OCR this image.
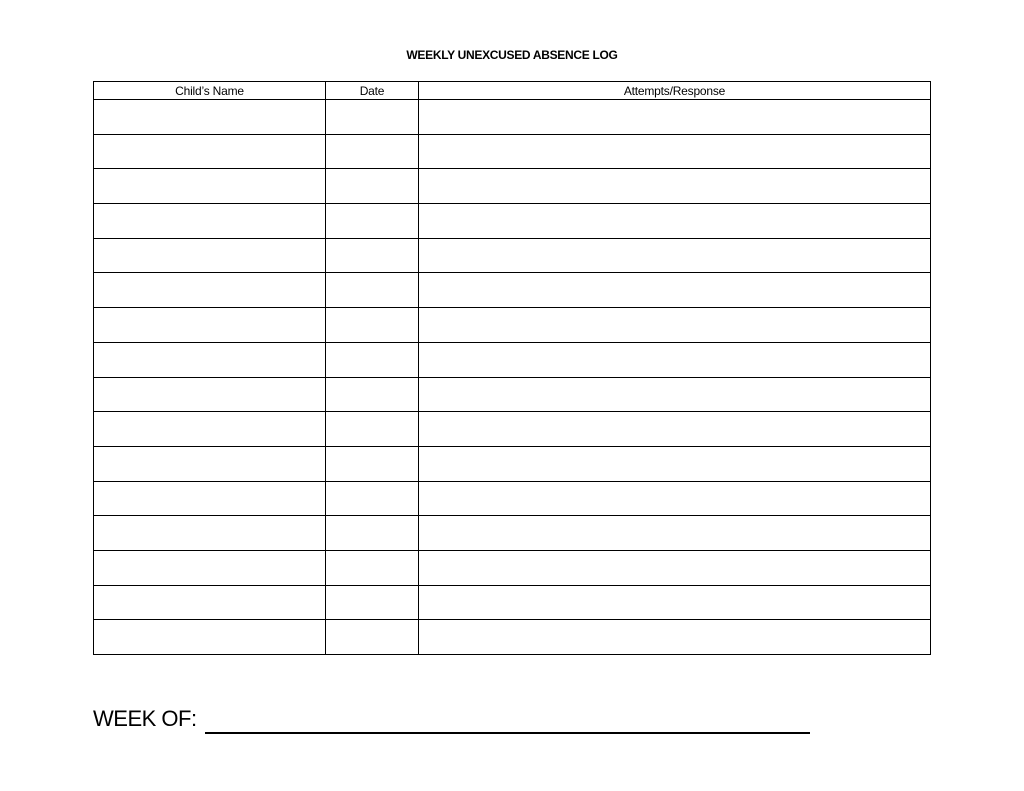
WEEKLY UNEXCUSED ABSENCE LOG
Child’s Name	Date	Attempts/Response

WEEK OF:
